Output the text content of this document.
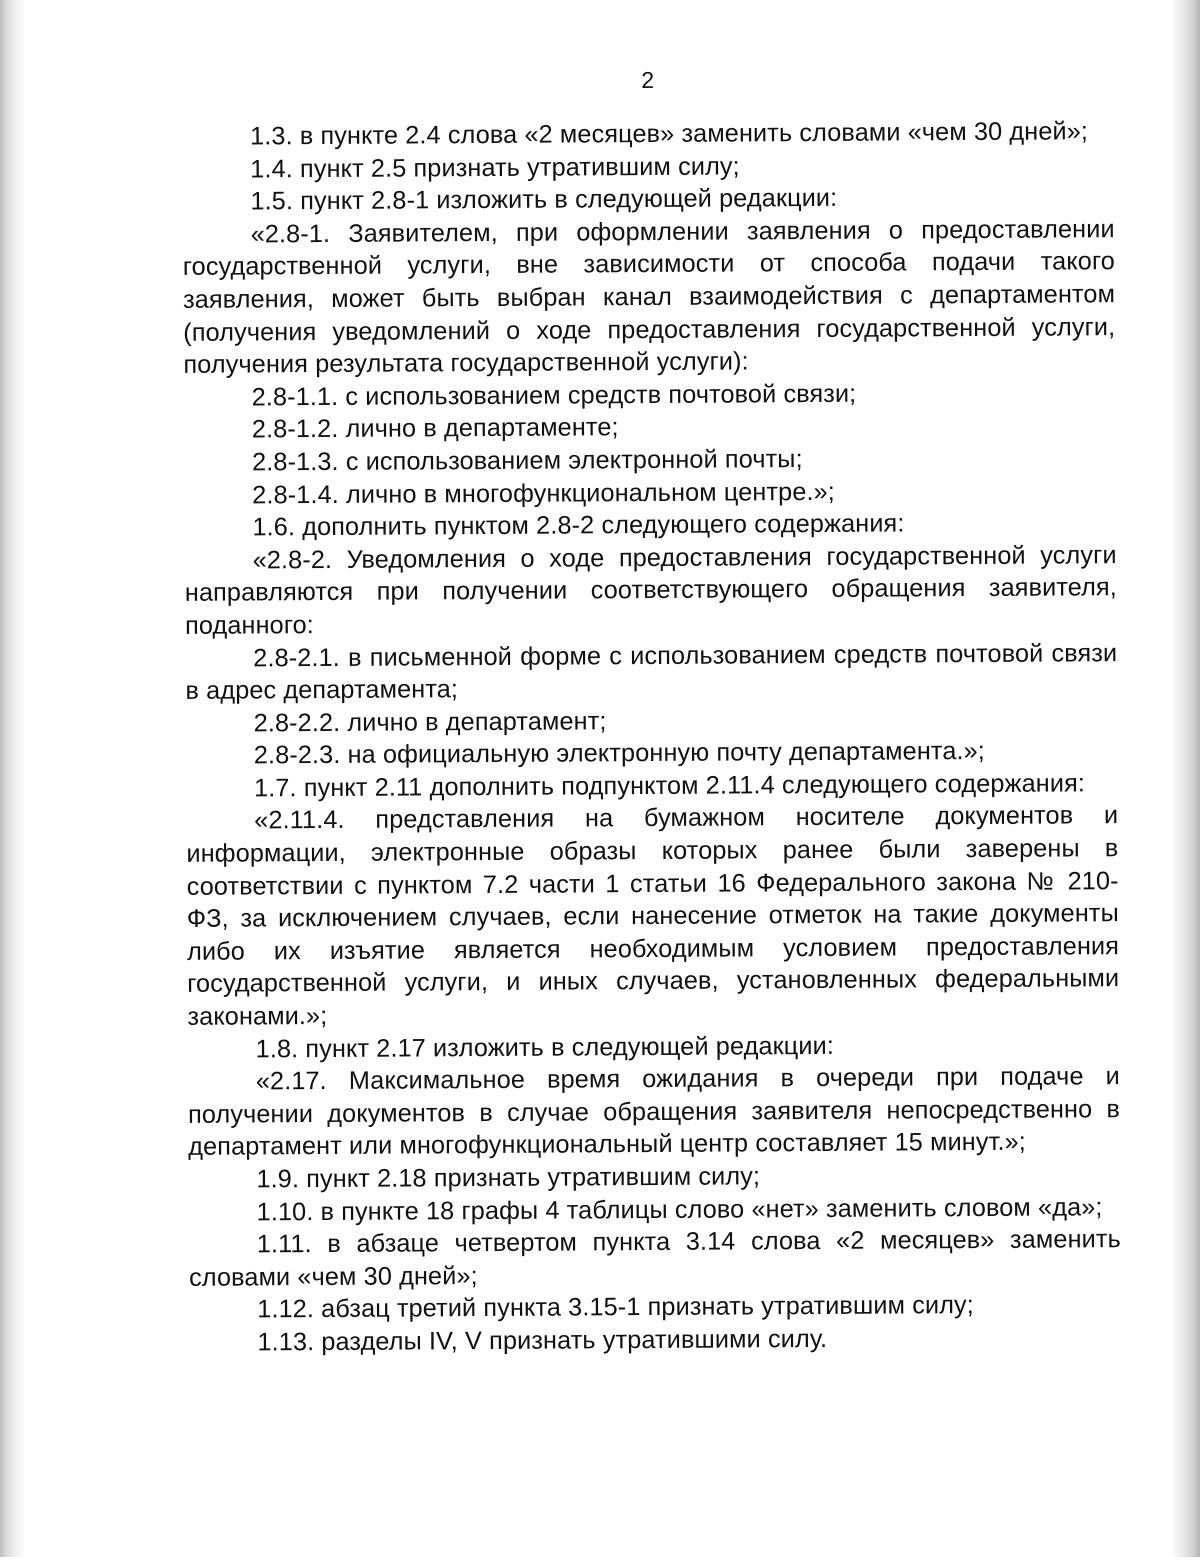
2

1.3. в пункте 2.4 слова «2 месяцев» заменить словами «чем 30 дней»;

1.4. пункт 2.5 признать утратившим силу;

1.5. пункт 2.8-1 изложить в следующей редакции:

«2.8-1. Заявителем, при оформлении заявления о предоставлении государственной услуги, вне зависимости от способа подачи такого заявления, может быть выбран канал взаимодействия с департаментом (получения уведомлений о ходе предоставления государственной услуги, получения результата государственной услуги):

2.8-1.1. с использованием средств почтовой связи;

2.8-1.2. лично в департаменте;

2.8-1.3. с использованием электронной почты;

2.8-1.4. лично в многофункциональном центре.»;

1.6. дополнить пунктом 2.8-2 следующего содержания:

«2.8-2. Уведомления о ходе предоставления государственной услуги направляются при получении соответствующего обращения заявителя, поданного:

2.8-2.1. в письменной форме с использованием средств почтовой связи в адрес департамента;

2.8-2.2. лично в департамент;

2.8-2.3. на официальную электронную почту департамента.»;

1.7. пункт 2.11 дополнить подпунктом 2.11.4 следующего содержания:

«2.11.4. представления на бумажном носителе документов и информации, электронные образы которых ранее были заверены в соответствии с пунктом 7.2 части 1 статьи 16 Федерального закона № 210-ФЗ, за исключением случаев, если нанесение отметок на такие документы либо их изъятие является необходимым условием предоставления государственной услуги, и иных случаев, установленных федеральными законами.»;

1.8. пункт 2.17 изложить в следующей редакции:

«2.17. Максимальное время ожидания в очереди при подаче и получении документов в случае обращения заявителя непосредственно в департамент или многофункциональный центр составляет 15 минут.»;

1.9. пункт 2.18 признать утратившим силу;

1.10. в пункте 18 графы 4 таблицы слово «нет» заменить словом «да»;

1.11. в абзаце четвертом пункта 3.14 слова «2 месяцев» заменить словами «чем 30 дней»;

1.12. абзац третий пункта 3.15-1 признать утратившим силу;

1.13. разделы IV, V признать утратившими силу.
